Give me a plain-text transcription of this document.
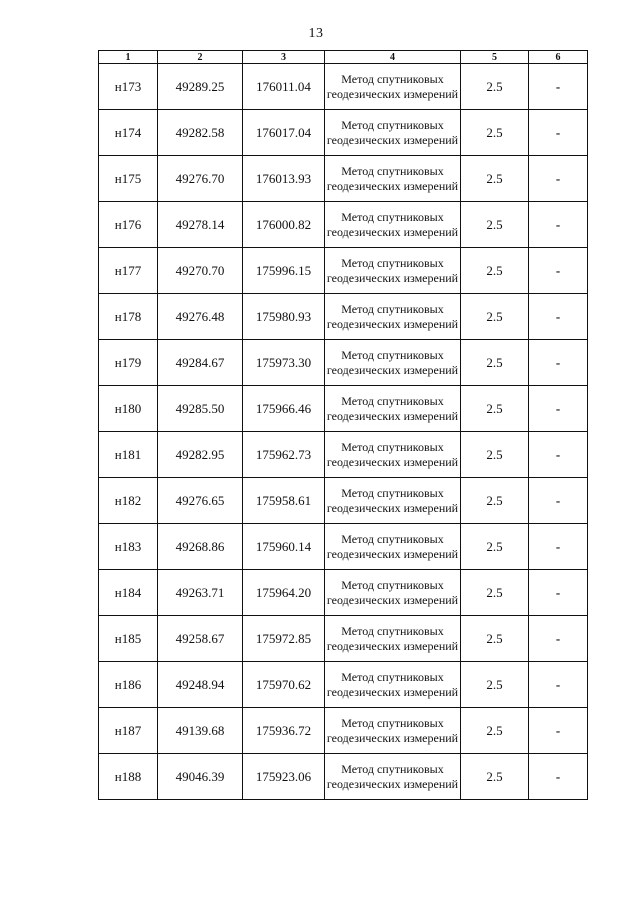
13
1	2	3	4	5	6
н173	49289.25	176011.04	Метод спутниковых геодезических измерений	2.5	-
н174	49282.58	176017.04	Метод спутниковых геодезических измерений	2.5	-
н175	49276.70	176013.93	Метод спутниковых геодезических измерений	2.5	-
н176	49278.14	176000.82	Метод спутниковых геодезических измерений	2.5	-
н177	49270.70	175996.15	Метод спутниковых геодезических измерений	2.5	-
н178	49276.48	175980.93	Метод спутниковых геодезических измерений	2.5	-
н179	49284.67	175973.30	Метод спутниковых геодезических измерений	2.5	-
н180	49285.50	175966.46	Метод спутниковых геодезических измерений	2.5	-
н181	49282.95	175962.73	Метод спутниковых геодезических измерений	2.5	-
н182	49276.65	175958.61	Метод спутниковых геодезических измерений	2.5	-
н183	49268.86	175960.14	Метод спутниковых геодезических измерений	2.5	-
н184	49263.71	175964.20	Метод спутниковых геодезических измерений	2.5	-
н185	49258.67	175972.85	Метод спутниковых геодезических измерений	2.5	-
н186	49248.94	175970.62	Метод спутниковых геодезических измерений	2.5	-
н187	49139.68	175936.72	Метод спутниковых геодезических измерений	2.5	-
н188	49046.39	175923.06	Метод спутниковых геодезических измерений	2.5	-
